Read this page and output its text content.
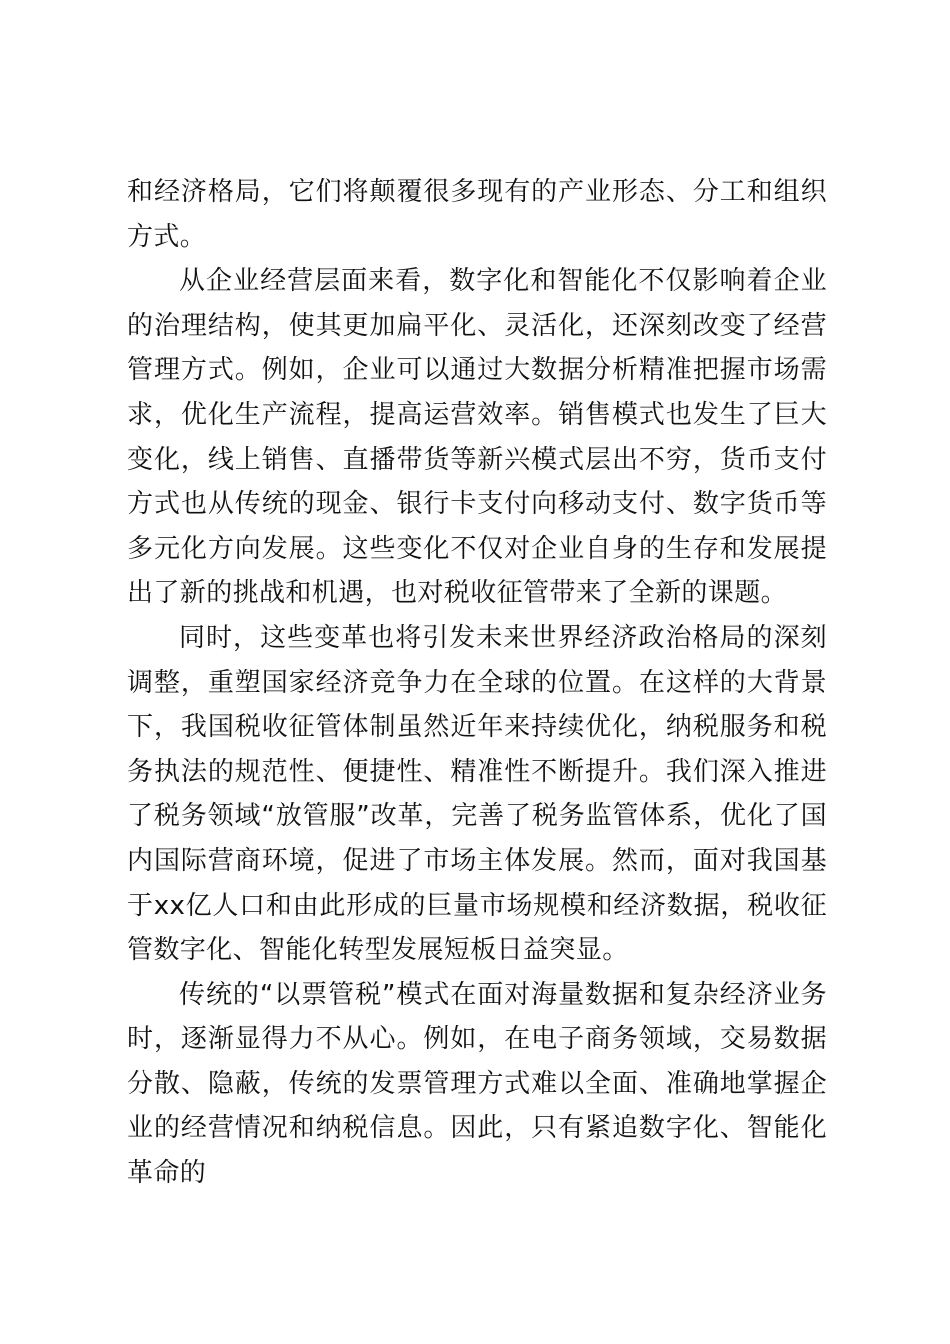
和经济格局，它们将颠覆很多现有的产业形态、分工和组织方式。

从企业经营层面来看，数字化和智能化不仅影响着企业的治理结构，使其更加扁平化、灵活化，还深刻改变了经营管理方式。例如，企业可以通过大数据分析精准把握市场需求，优化生产流程，提高运营效率。销售模式也发生了巨大变化，线上销售、直播带货等新兴模式层出不穷，货币支付方式也从传统的现金、银行卡支付向移动支付、数字货币等多元化方向发展。这些变化不仅对企业自身的生存和发展提出了新的挑战和机遇，也对税收征管带来了全新的课题。

同时，这些变革也将引发未来世界经济政治格局的深刻调整，重塑国家经济竞争力在全球的位置。在这样的大背景下，我国税收征管体制虽然近年来持续优化，纳税服务和税务执法的规范性、便捷性、精准性不断提升。我们深入推进了税务领域“放管服”改革，完善了税务监管体系，优化了国内国际营商环境，促进了市场主体发展。然而，面对我国基于xx亿人口和由此形成的巨量市场规模和经济数据，税收征管数字化、智能化转型发展短板日益突显。

传统的“以票管税”模式在面对海量数据和复杂经济业务时，逐渐显得力不从心。例如，在电子商务领域，交易数据分散、隐蔽，传统的发票管理方式难以全面、准确地掌握企业的经营情况和纳税信息。因此，只有紧追数字化、智能化革命的
